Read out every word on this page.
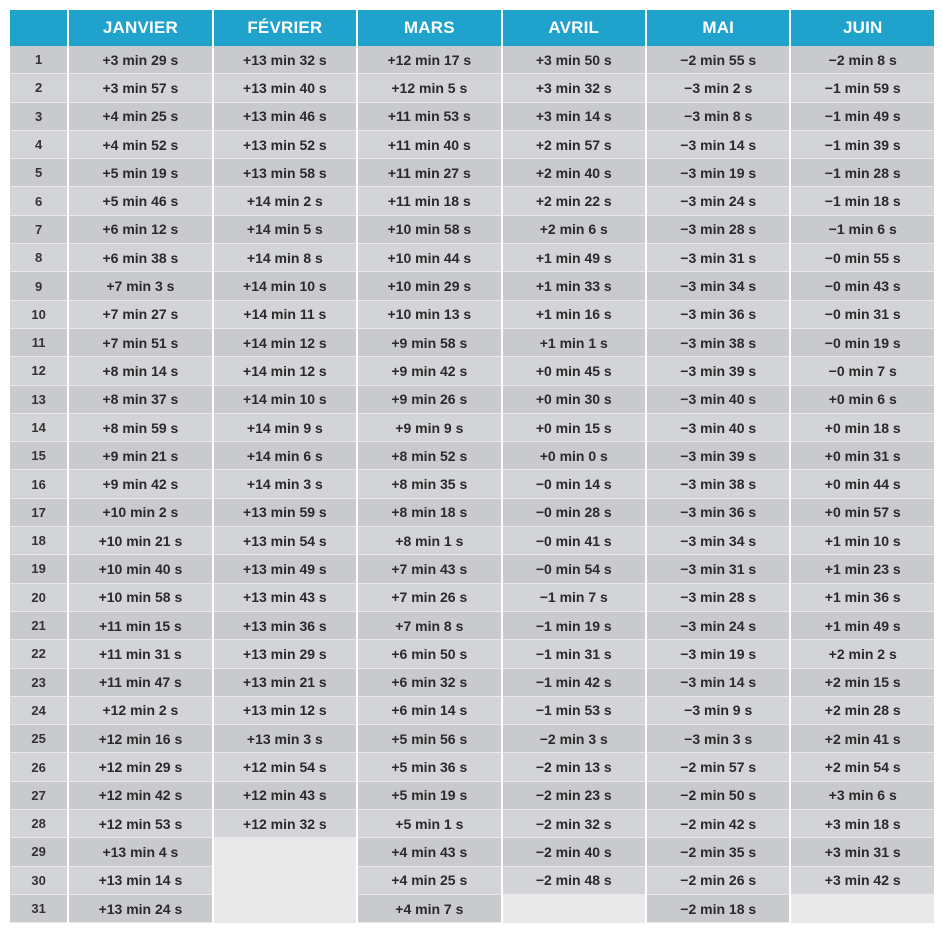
	JANVIER	FÉVRIER	MARS	AVRIL	MAI	JUIN
1	+3 min 29 s	+13 min 32 s	+12 min 17 s	+3 min 50 s	−2 min 55 s	−2 min 8 s
2	+3 min 57 s	+13 min 40 s	+12 min 5 s	+3 min 32 s	−3 min 2 s	−1 min 59 s
3	+4 min 25 s	+13 min 46 s	+11 min 53 s	+3 min 14 s	−3 min 8 s	−1 min 49 s
4	+4 min 52 s	+13 min 52 s	+11 min 40 s	+2 min 57 s	−3 min 14 s	−1 min 39 s
5	+5 min 19 s	+13 min 58 s	+11 min 27 s	+2 min 40 s	−3 min 19 s	−1 min 28 s
6	+5 min 46 s	+14 min 2 s	+11 min 18 s	+2 min 22 s	−3 min 24 s	−1 min 18 s
7	+6 min 12 s	+14 min 5 s	+10 min 58 s	+2 min 6 s	−3 min 28 s	−1 min 6 s
8	+6 min 38 s	+14 min 8 s	+10 min 44 s	+1 min 49 s	−3 min 31 s	−0 min 55 s
9	+7 min 3 s	+14 min 10 s	+10 min 29 s	+1 min 33 s	−3 min 34 s	−0 min 43 s
10	+7 min 27 s	+14 min 11 s	+10 min 13 s	+1 min 16 s	−3 min 36 s	−0 min 31 s
11	+7 min 51 s	+14 min 12 s	+9 min 58 s	+1 min 1 s	−3 min 38 s	−0 min 19 s
12	+8 min 14 s	+14 min 12 s	+9 min 42 s	+0 min 45 s	−3 min 39 s	−0 min 7 s
13	+8 min 37 s	+14 min 10 s	+9 min 26 s	+0 min 30 s	−3 min 40 s	+0 min 6 s
14	+8 min 59 s	+14 min 9 s	+9 min 9 s	+0 min 15 s	−3 min 40 s	+0 min 18 s
15	+9 min 21 s	+14 min 6 s	+8 min 52 s	+0 min 0 s	−3 min 39 s	+0 min 31 s
16	+9 min 42 s	+14 min 3 s	+8 min 35 s	−0 min 14 s	−3 min 38 s	+0 min 44 s
17	+10 min 2 s	+13 min 59 s	+8 min 18 s	−0 min 28 s	−3 min 36 s	+0 min 57 s
18	+10 min 21 s	+13 min 54 s	+8 min 1 s	−0 min 41 s	−3 min 34 s	+1 min 10 s
19	+10 min 40 s	+13 min 49 s	+7 min 43 s	−0 min 54 s	−3 min 31 s	+1 min 23 s
20	+10 min 58 s	+13 min 43 s	+7 min 26 s	−1 min 7 s	−3 min 28 s	+1 min 36 s
21	+11 min 15 s	+13 min 36 s	+7 min 8 s	−1 min 19 s	−3 min 24 s	+1 min 49 s
22	+11 min 31 s	+13 min 29 s	+6 min 50 s	−1 min 31 s	−3 min 19 s	+2 min 2 s
23	+11 min 47 s	+13 min 21 s	+6 min 32 s	−1 min 42 s	−3 min 14 s	+2 min 15 s
24	+12 min 2 s	+13 min 12 s	+6 min 14 s	−1 min 53 s	−3 min 9 s	+2 min 28 s
25	+12 min 16 s	+13 min 3 s	+5 min 56 s	−2 min 3 s	−3 min 3 s	+2 min 41 s
26	+12 min 29 s	+12 min 54 s	+5 min 36 s	−2 min 13 s	−2 min 57 s	+2 min 54 s
27	+12 min 42 s	+12 min 43 s	+5 min 19 s	−2 min 23 s	−2 min 50 s	+3 min 6 s
28	+12 min 53 s	+12 min 32 s	+5 min 1 s	−2 min 32 s	−2 min 42 s	+3 min 18 s
29	+13 min 4 s		+4 min 43 s	−2 min 40 s	−2 min 35 s	+3 min 31 s
30	+13 min 14 s		+4 min 25 s	−2 min 48 s	−2 min 26 s	+3 min 42 s
31	+13 min 24 s		+4 min 7 s		−2 min 18 s	
